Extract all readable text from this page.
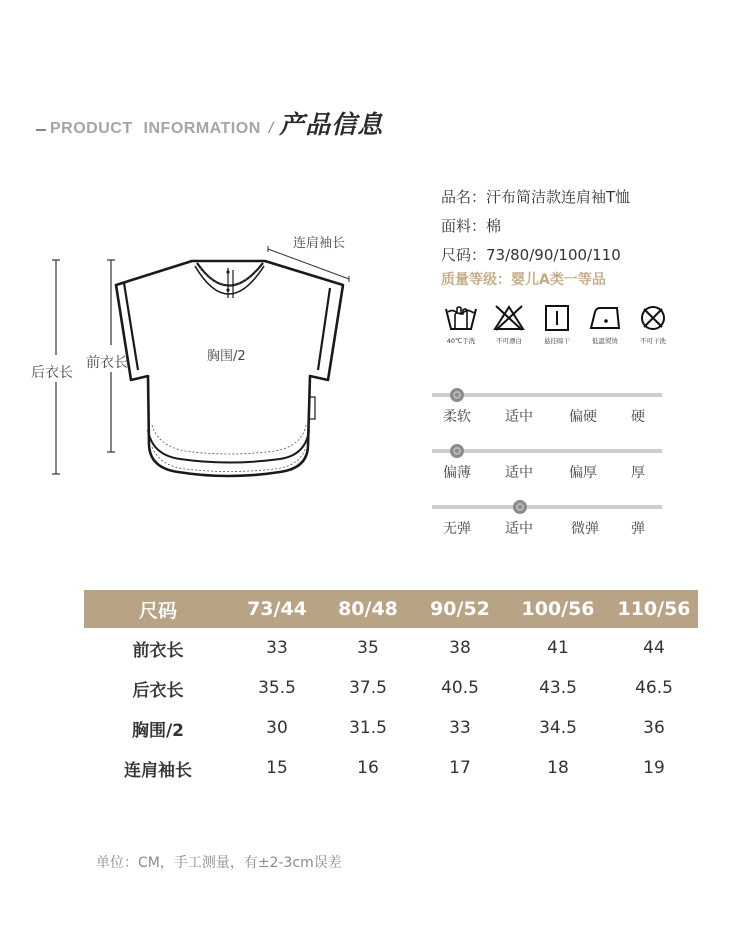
PRODUCT INFORMATION / 产品信息
后衣长
前衣长	胸围/2
连肩袖长
品名：汗布简洁款连肩袖T恤
面料：棉
尺码：73/80/90/100/110
质量等级：婴儿A类一等品
40℃手洗	不可漂白	悬挂晾干	低温熨烫	不可干洗
柔软 适中	偏硬 硬
偏薄 适中	偏厚 厚
无弹 适中	微弹 弹
尺码	73/44	80/48	90/52	100/56	110/56
前衣长	33	35	38	41	44
后衣长	35.5	37.5	40.5	43.5	46.5
胸围/2	30	31.5	33	34.5	36
连肩袖长	15	16	17	18	19
单位：CM，手工测量，有±2-3cm误差
